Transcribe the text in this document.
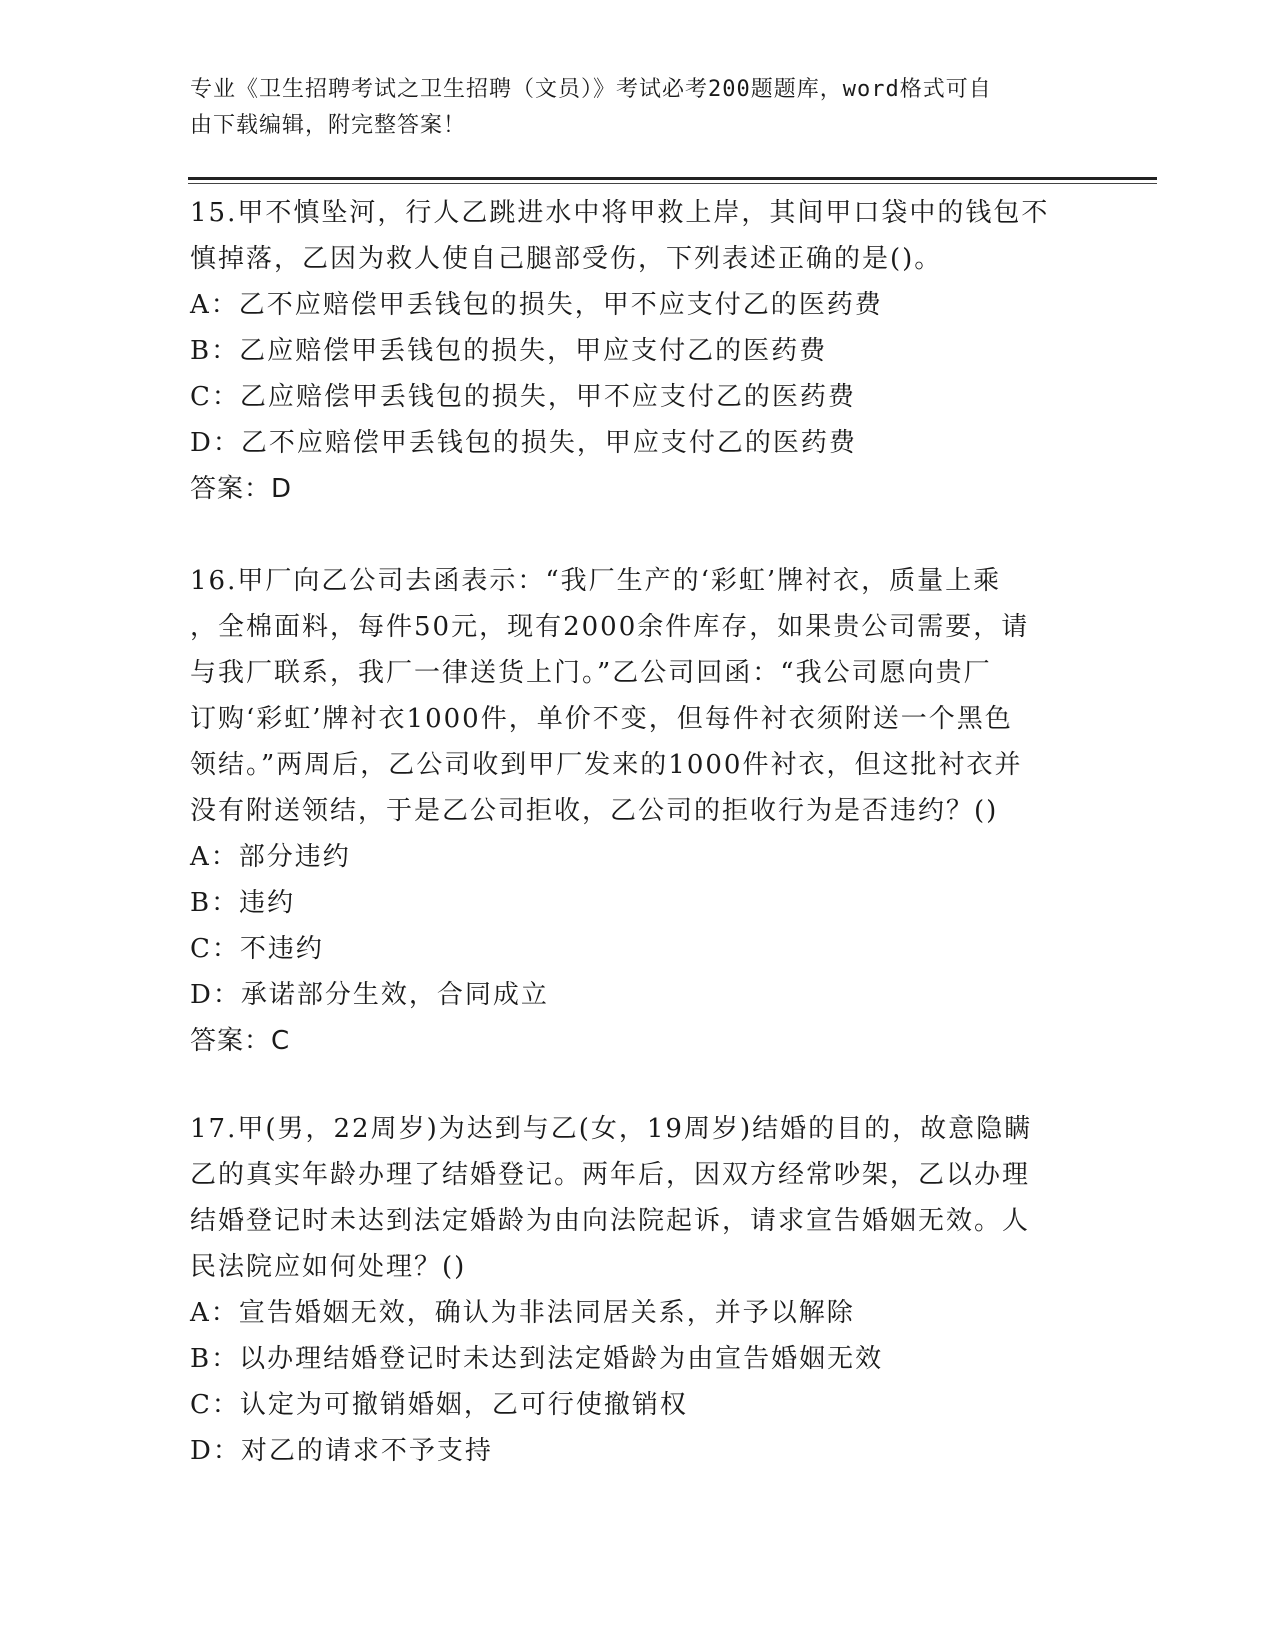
专业《卫生招聘考试之卫生招聘（文员）》考试必考200题题库，word格式可自
由下载编辑，附完整答案！
15.甲不慎坠河，行人乙跳进水中将甲救上岸，其间甲口袋中的钱包不
慎掉落，乙因为救人使自己腿部受伤，下列表述正确的是()。
A：乙不应赔偿甲丢钱包的损失，甲不应支付乙的医药费
B：乙应赔偿甲丢钱包的损失，甲应支付乙的医药费
C：乙应赔偿甲丢钱包的损失，甲不应支付乙的医药费
D：乙不应赔偿甲丢钱包的损失，甲应支付乙的医药费
答案：D
16.甲厂向乙公司去函表示：“我厂生产的‘彩虹’牌衬衣，质量上乘
，全棉面料，每件50元，现有2000余件库存，如果贵公司需要，请
与我厂联系，我厂一律送货上门。”乙公司回函：“我公司愿向贵厂
订购‘彩虹’牌衬衣1000件，单价不变，但每件衬衣须附送一个黑色
领结。”两周后，乙公司收到甲厂发来的1000件衬衣，但这批衬衣并
没有附送领结，于是乙公司拒收，乙公司的拒收行为是否违约？()
A：部分违约
B：违约
C：不违约
D：承诺部分生效，合同成立
答案：C
17.甲(男，22周岁)为达到与乙(女，19周岁)结婚的目的，故意隐瞒
乙的真实年龄办理了结婚登记。两年后，因双方经常吵架，乙以办理
结婚登记时未达到法定婚龄为由向法院起诉，请求宣告婚姻无效。人
民法院应如何处理？()
A：宣告婚姻无效，确认为非法同居关系，并予以解除
B：以办理结婚登记时未达到法定婚龄为由宣告婚姻无效
C：认定为可撤销婚姻，乙可行使撤销权
D：对乙的请求不予支持
